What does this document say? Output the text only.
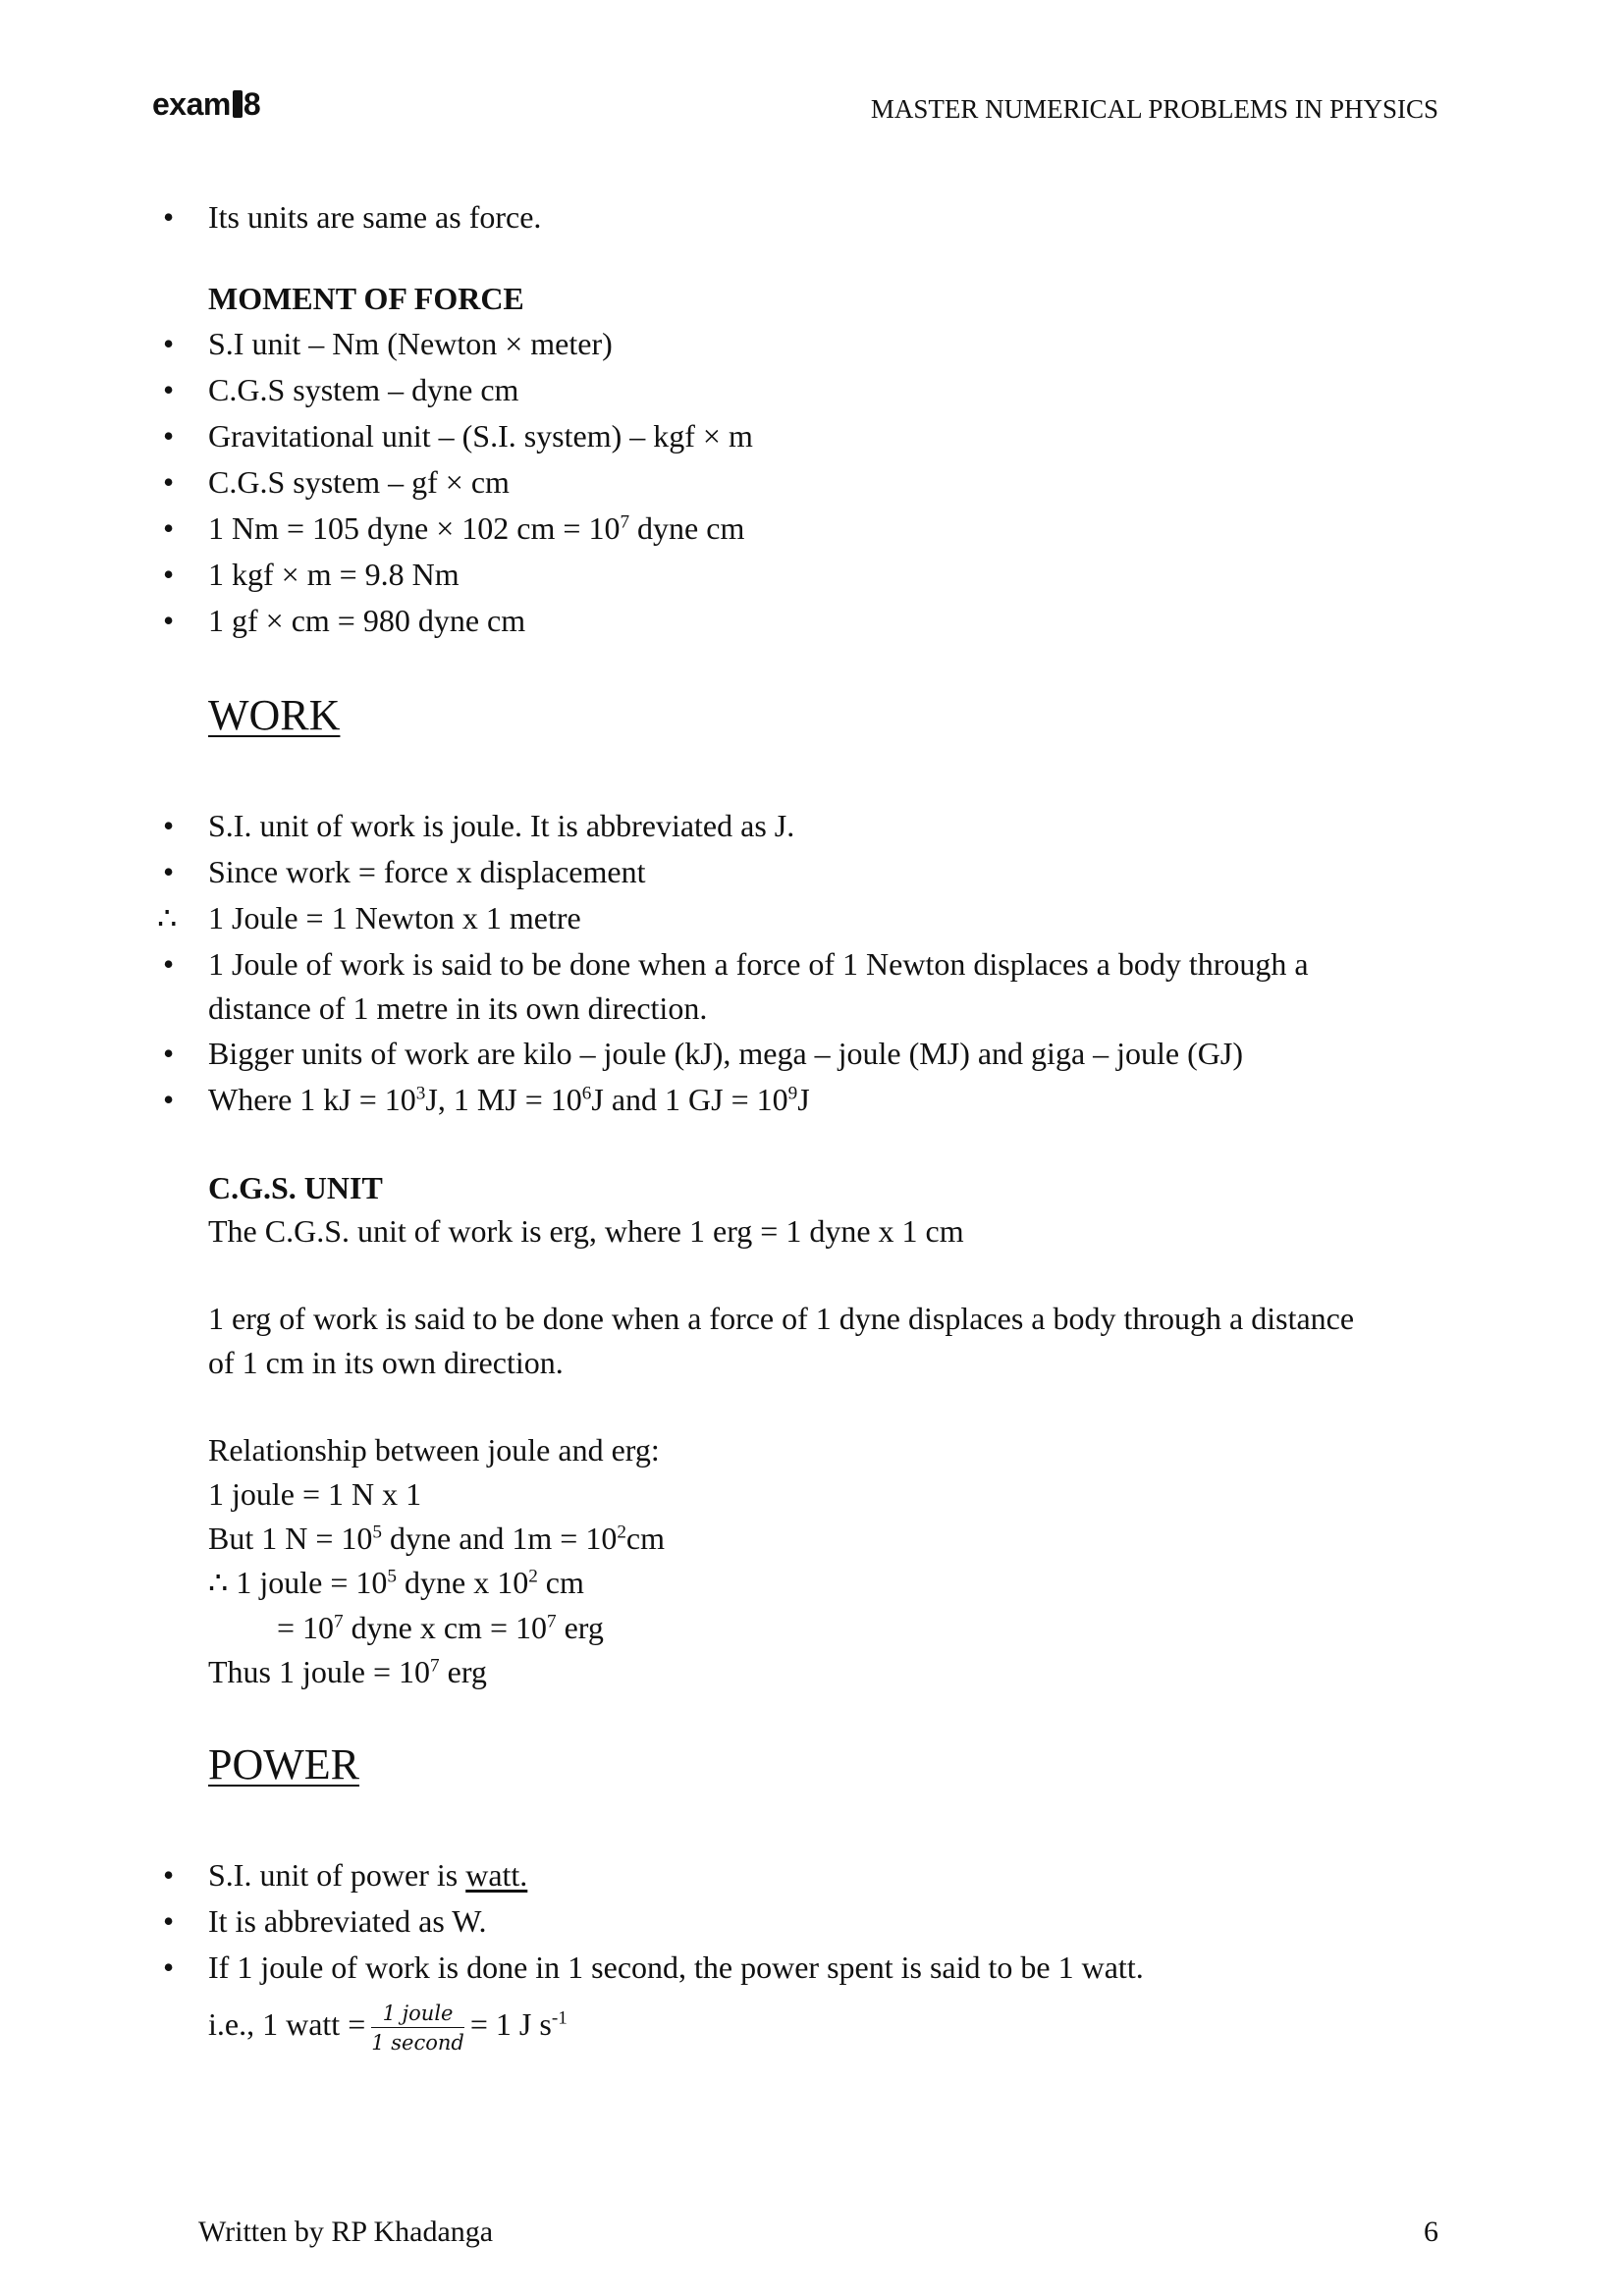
exam 8	MASTER NUMERICAL PROBLEMS IN PHYSICS
•
Its units are same as force.
MOMENT OF FORCE
•
S.I unit – Nm (Newton × meter)
•
C.G.S system – dyne cm
•
Gravitational unit – (S.I. system) – kgf × m
•
C.G.S system – gf × cm
•
1 Nm = 105 dyne × 102 cm = $10^7$ dyne cm
•
1 kgf × m = 9.8 Nm
•
1 gf × cm = 980 dyne cm
WORK
•
S.I. unit of work is joule. It is abbreviated as J.
•
Since work = force x displacement
∴ 1 Joule = 1 Newton x 1 metre
•
1 Joule of work is said to be done when a force of 1 Newton displaces a body through a
distance of 1 metre in its own direction.
•
Bigger units of work are kilo – joule (kJ), mega – joule (MJ) and giga – joule (GJ)
•
Where 1 kJ = $10^3J$, 1 MJ = $10^6J$ and 1 GJ = $10^9J$
C.G.S. UNIT
The C.G.S. unit of work is erg, where 1 erg = 1 dyne x 1 cm
1 erg of work is said to be done when a force of 1 dyne displaces a body through a distance
of 1 cm in its own direction.
Relationship between joule and erg:
1 joule = 1 N x 1
But 1 $N = 10^5$ dyne and $1m = 10^2cm$
∴ 1 joule = $10^5$ dyne x $10^2$ cm
= $10^7$ dyne x cm = $10^7$ erg
Thus 1 joule = $10^7$ erg
POWER
•
S.I. unit of power is watt.
•
It is abbreviated as W.
•
If 1 joule of work is done in 1 second, the power spent is said to be 1 watt.
i.e., 1 watt = $\frac{\text{1 joule}}{\text{1 second}} = 1$ J $s^{-1}$
Written by RP Khadanga	6
